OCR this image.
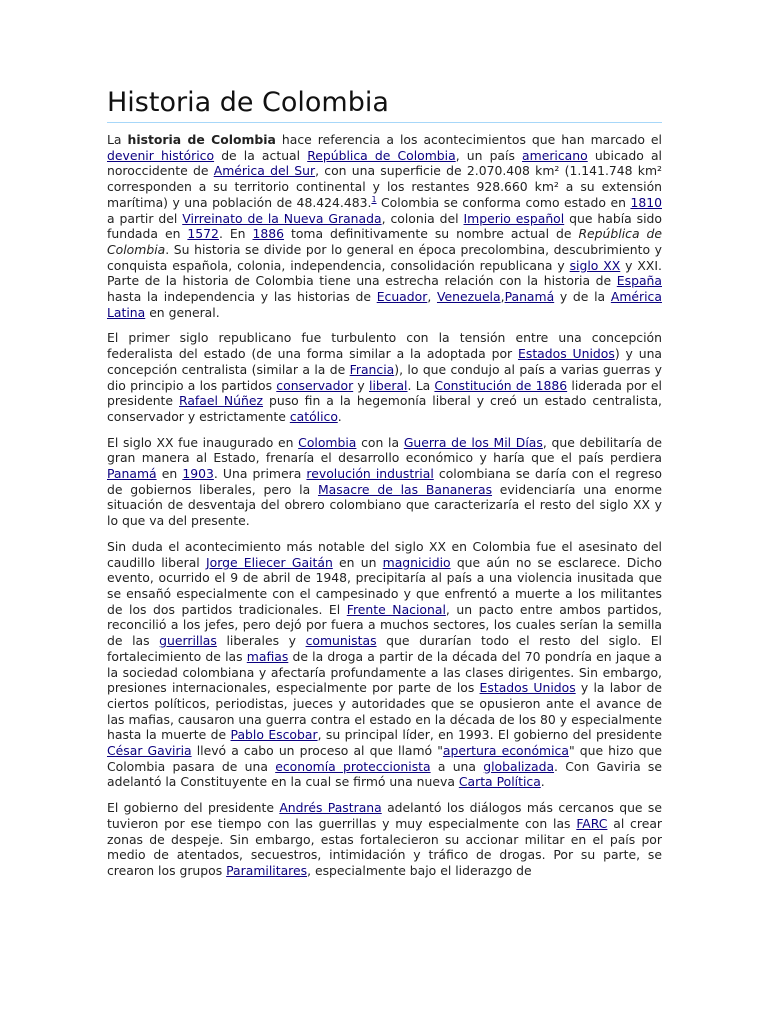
Historia de Colombia

La historia de Colombia hace referencia a los acontecimientos que han marcado el devenir histórico de la actual República de Colombia, un país americano ubicado al noroccidente de América del Sur, con una superficie de 2.070.408 km² (1.141.748 km² corresponden a su territorio continental y los restantes 928.660 km² a su extensión marítima) y una población de 48.424.483.$^1$ Colombia se conforma como estado en 1810 a partir del Virreinato de la Nueva Granada, colonia del Imperio español que había sido fundada en 1572. En 1886 toma definitivamente su nombre actual de República de Colombia. Su historia se divide por lo general en época precolombina, descubrimiento y conquista española, colonia, independencia, consolidación republicana y siglo XX y XXI. Parte de la historia de Colombia tiene una estrecha relación con la historia de España hasta la independencia y las historias de Ecuador, Venezuela,Panamá y de la América Latina en general.

El primer siglo republicano fue turbulento con la tensión entre una concepción federalista del estado (de una forma similar a la adoptada por Estados Unidos) y una concepción centralista (similar a la de Francia), lo que condujo al país a varias guerras y dio principio a los partidos conservador y liberal. La Constitución de 1886 liderada por el presidente Rafael Núñez puso fin a la hegemonía liberal y creó un estado centralista, conservador y estrictamente católico.

El siglo XX fue inaugurado en Colombia con la Guerra de los Mil Días, que debilitaría de gran manera al Estado, frenaría el desarrollo económico y haría que el país perdiera Panamá en 1903. Una primera revolución industrial colombiana se daría con el regreso de gobiernos liberales, pero la Masacre de las Bananeras evidenciaría una enorme situación de desventaja del obrero colombiano que caracterizaría el resto del siglo XX y lo que va del presente.

Sin duda el acontecimiento más notable del siglo XX en Colombia fue el asesinato del caudillo liberal Jorge Eliecer Gaitán en un magnicidio que aún no se esclarece. Dicho evento, ocurrido el 9 de abril de 1948, precipitaría al país a una violencia inusitada que se ensañó especialmente con el campesinado y que enfrentó a muerte a los militantes de los dos partidos tradicionales. El Frente Nacional, un pacto entre ambos partidos, reconcilió a los jefes, pero dejó por fuera a muchos sectores, los cuales serían la semilla de las guerrillas liberales y comunistas que durarían todo el resto del siglo. El fortalecimiento de las mafias de la droga a partir de la década del 70 pondría en jaque a la sociedad colombiana y afectaría profundamente a las clases dirigentes. Sin embargo, presiones internacionales, especialmente por parte de los Estados Unidos y la labor de ciertos políticos, periodistas, jueces y autoridades que se opusieron ante el avance de las mafias, causaron una guerra contra el estado en la década de los 80 y especialmente hasta la muerte de Pablo Escobar, su principal líder, en 1993. El gobierno del presidente César Gaviria llevó a cabo un proceso al que llamó "apertura económica" que hizo que Colombia pasara de una economía proteccionista a una globalizada. Con Gaviria se adelantó la Constituyente en la cual se firmó una nueva Carta Política.

El gobierno del presidente Andrés Pastrana adelantó los diálogos más cercanos que se tuvieron por ese tiempo con las guerrillas y muy especialmente con las FARC al crear zonas de despeje. Sin embargo, estas fortalecieron su accionar militar en el país por medio de atentados, secuestros, intimidación y tráfico de drogas. Por su parte, se crearon los grupos Paramilitares, especialmente bajo el liderazgo de
